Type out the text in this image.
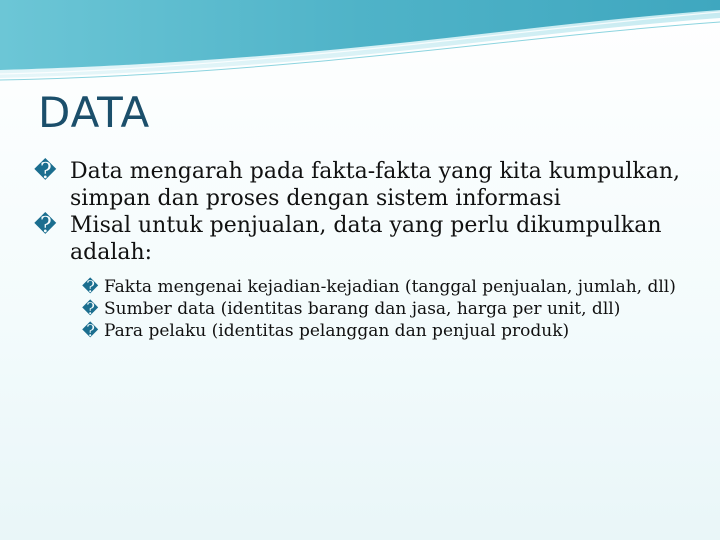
DATA

� Data mengarah pada fakta-fakta yang kita kumpulkan, simpan dan proses dengan sistem informasi

� Misal untuk penjualan, data yang perlu dikumpulkan adalah:

� Fakta mengenai kejadian-kejadian (tanggal penjualan, jumlah, dll)

� Sumber data (identitas barang dan jasa, harga per unit, dll)

� Para pelaku (identitas pelanggan dan penjual produk)
